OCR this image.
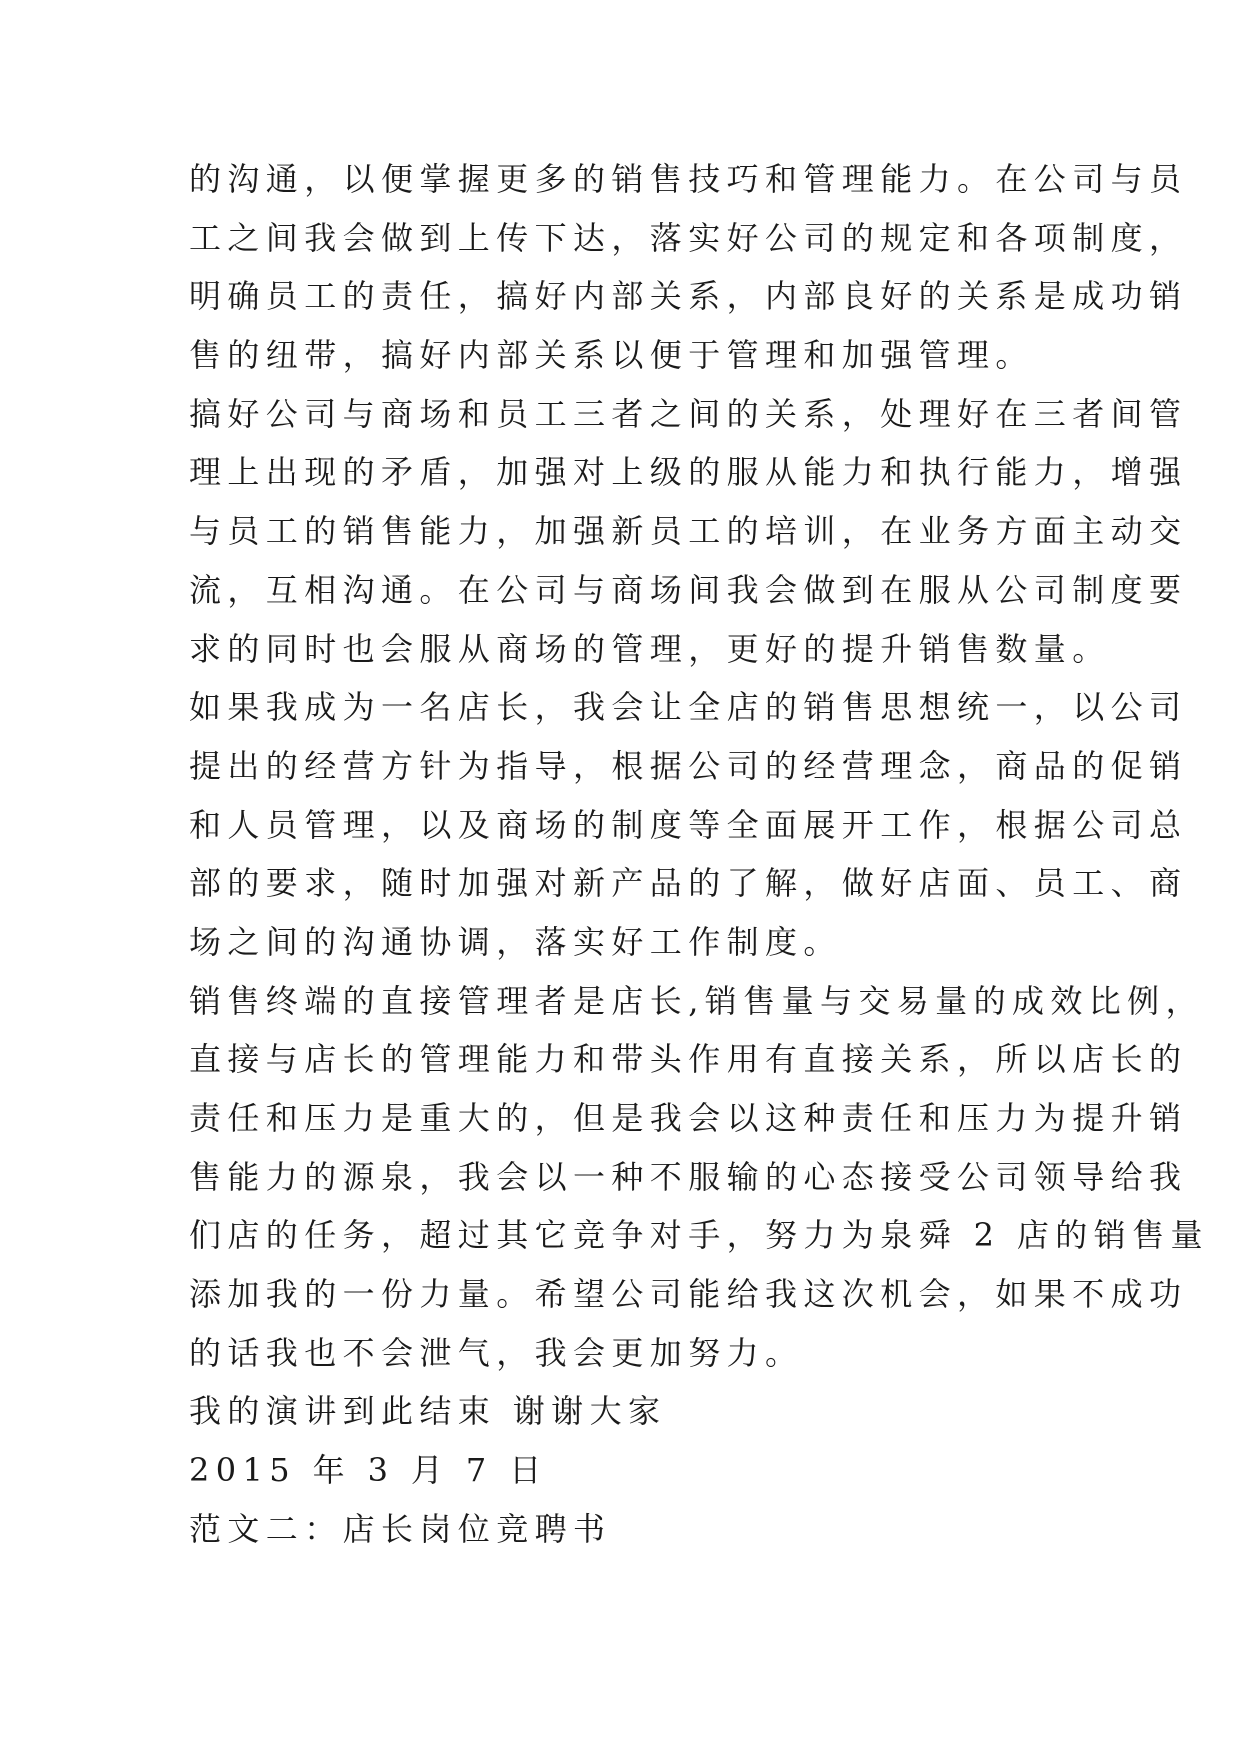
的沟通，以便掌握更多的销售技巧和管理能力。在公司与员
工之间我会做到上传下达，落实好公司的规定和各项制度，
明确员工的责任，搞好内部关系，内部良好的关系是成功销
售的纽带，搞好内部关系以便于管理和加强管理。
搞好公司与商场和员工三者之间的关系，处理好在三者间管
理上出现的矛盾，加强对上级的服从能力和执行能力，增强
与员工的销售能力，加强新员工的培训，在业务方面主动交
流，互相沟通。在公司与商场间我会做到在服从公司制度要
求的同时也会服从商场的管理，更好的提升销售数量。
如果我成为一名店长，我会让全店的销售思想统一，以公司
提出的经营方针为指导，根据公司的经营理念，商品的促销
和人员管理，以及商场的制度等全面展开工作，根据公司总
部的要求，随时加强对新产品的了解，做好店面、员工、商
场之间的沟通协调，落实好工作制度。
销售终端的直接管理者是店长,销售量与交易量的成效比例，
直接与店长的管理能力和带头作用有直接关系，所以店长的
责任和压力是重大的，但是我会以这种责任和压力为提升销
售能力的源泉，我会以一种不服输的心态接受公司领导给我
们店的任务，超过其它竞争对手，努力为泉舜 2 店的销售量
添加我的一份力量。希望公司能给我这次机会，如果不成功
的话我也不会泄气，我会更加努力。
我的演讲到此结束 谢谢大家
2015 年 3 月 7 日
范文二：店长岗位竞聘书
